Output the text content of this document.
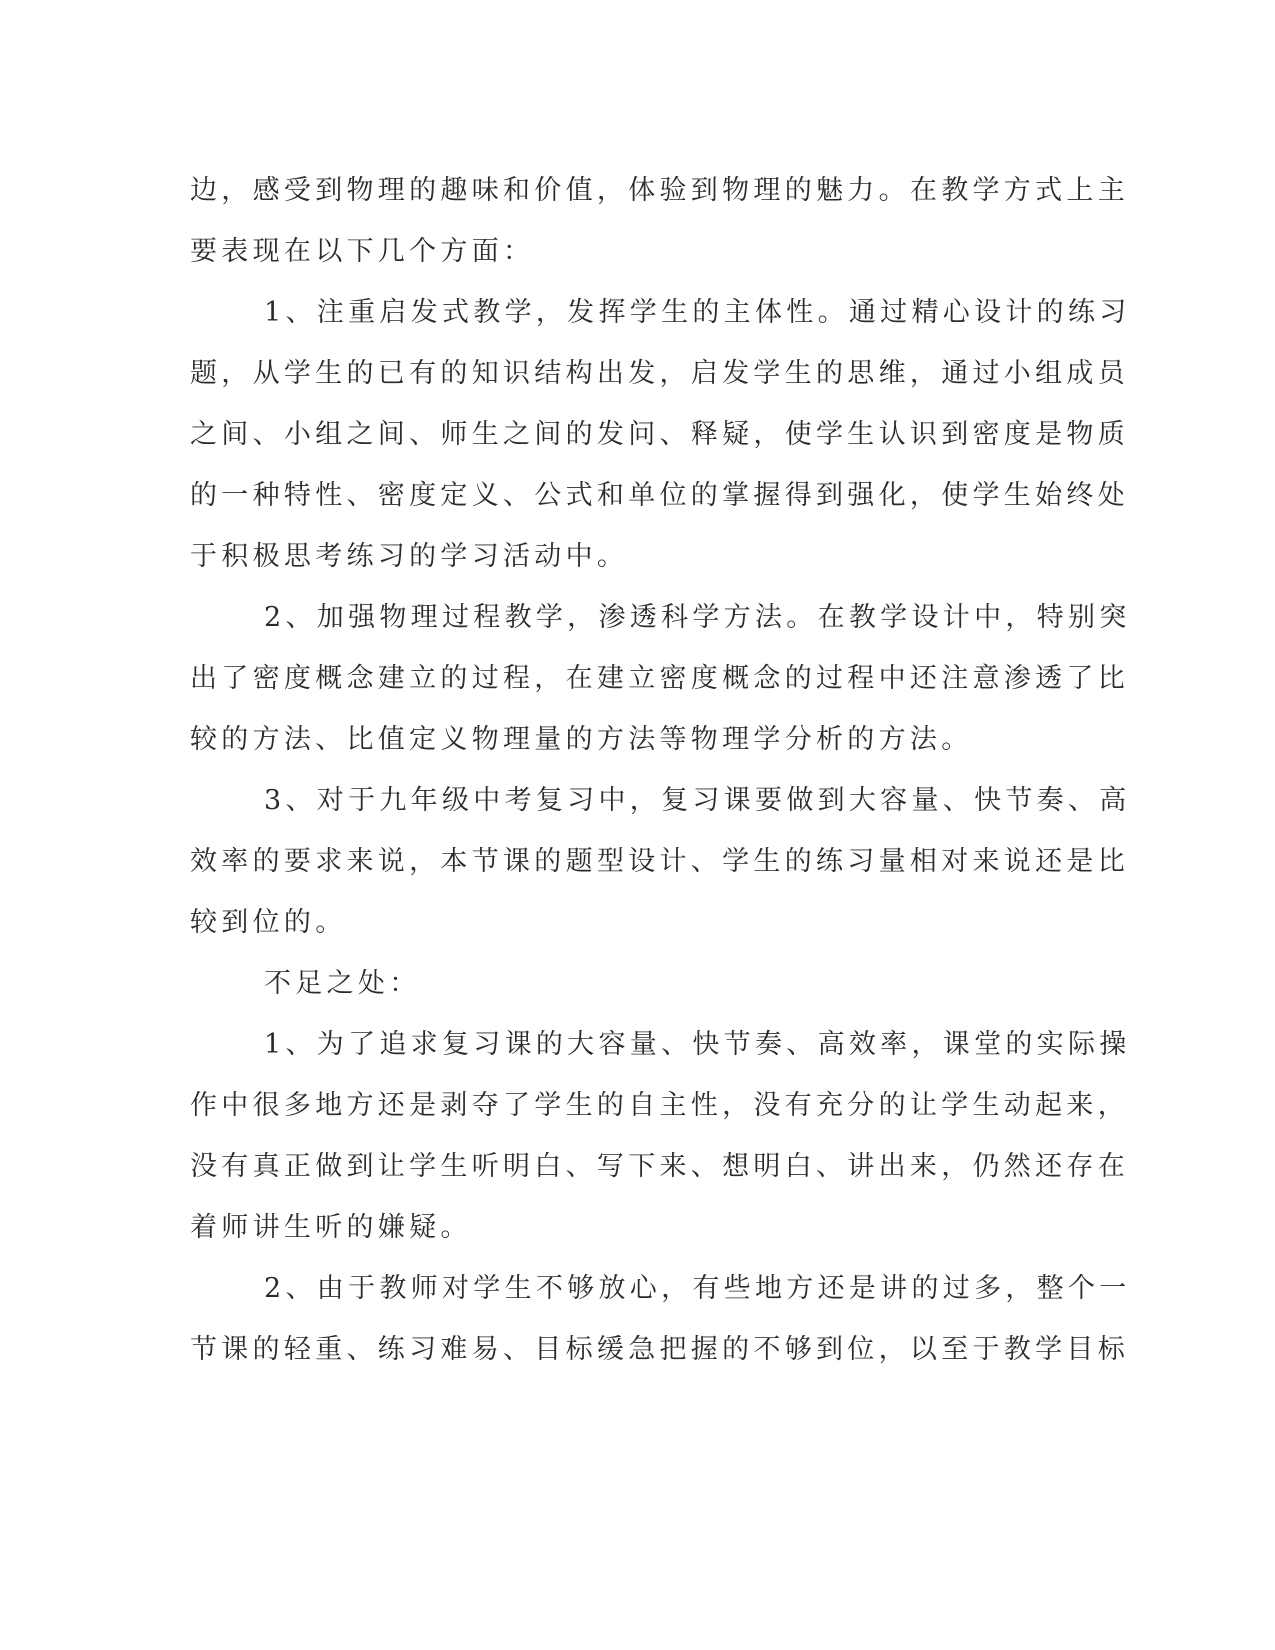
边，感受到物理的趣味和价值，体验到物理的魅力。在教学方式上主
要表现在以下几个方面：
1、注重启发式教学，发挥学生的主体性。通过精心设计的练习
题，从学生的已有的知识结构出发，启发学生的思维，通过小组成员
之间、小组之间、师生之间的发问、释疑，使学生认识到密度是物质
的一种特性、密度定义、公式和单位的掌握得到强化，使学生始终处
于积极思考练习的学习活动中。
2、加强物理过程教学，渗透科学方法。在教学设计中，特别突
出了密度概念建立的过程，在建立密度概念的过程中还注意渗透了比
较的方法、比值定义物理量的方法等物理学分析的方法。
3、对于九年级中考复习中，复习课要做到大容量、快节奏、高
效率的要求来说，本节课的题型设计、学生的练习量相对来说还是比
较到位的。
不足之处：
1、为了追求复习课的大容量、快节奏、高效率，课堂的实际操
作中很多地方还是剥夺了学生的自主性，没有充分的让学生动起来，
没有真正做到让学生听明白、写下来、想明白、讲出来，仍然还存在
着师讲生听的嫌疑。
2、由于教师对学生不够放心，有些地方还是讲的过多，整个一
节课的轻重、练习难易、目标缓急把握的不够到位，以至于教学目标
